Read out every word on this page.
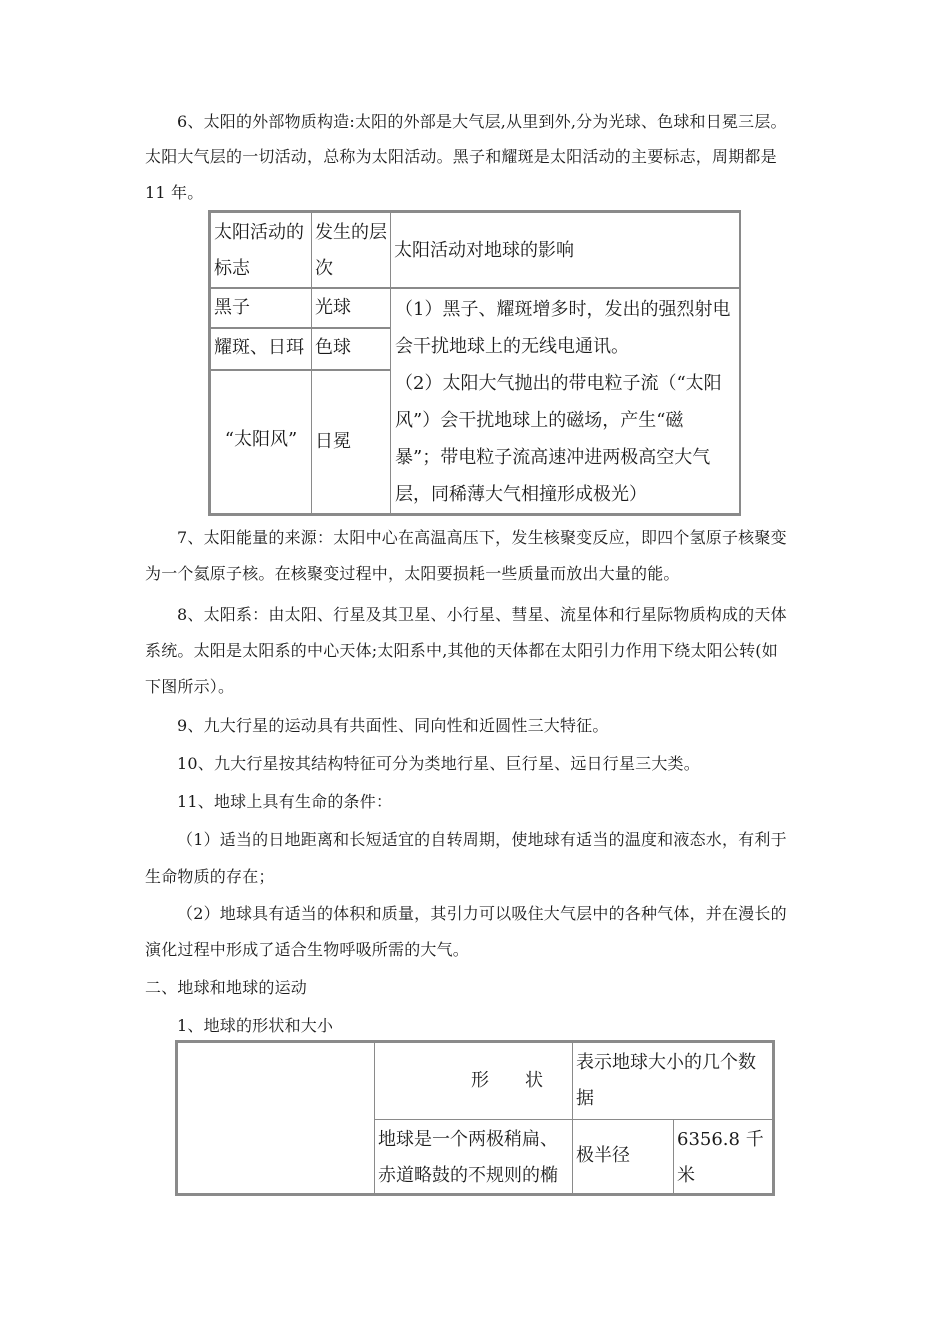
6、太阳的外部物质构造:太阳的外部是大气层,从里到外,分为光球、色球和日冕三层。
太阳大气层的一切活动，总称为太阳活动。黑子和耀斑是太阳活动的主要标志，周期都是
11 年。
太阳活动的
标志
发生的层
次
太阳活动对地球的影响
黑子	光球
耀斑、日珥 色球
“太阳风” 日冕
（1）黑子、耀斑增多时，发出的强烈射电
会干扰地球上的无线电通讯。
（2）太阳大气抛出的带电粒子流（“太阳
风”）会干扰地球上的磁场，产生“磁
暴”；带电粒子流高速冲进两极高空大气
层，同稀薄大气相撞形成极光）
7、太阳能量的来源：太阳中心在高温高压下，发生核聚变反应，即四个氢原子核聚变
为一个氦原子核。在核聚变过程中，太阳要损耗一些质量而放出大量的能。
8、太阳系：由太阳、行星及其卫星、小行星、彗星、流星体和行星际物质构成的天体
系统。太阳是太阳系的中心天体;太阳系中,其他的天体都在太阳引力作用下绕太阳公转(如
下图所示）。
9、九大行星的运动具有共面性、同向性和近圆性三大特征。
10、九大行星按其结构特征可分为类地行星、巨行星、远日行星三大类。
11、地球上具有生命的条件：
（1）适当的日地距离和长短适宜的自转周期，使地球有适当的温度和液态水，有利于
生命物质的存在；
（2）地球具有适当的体积和质量，其引力可以吸住大气层中的各种气体，并在漫长的
演化过程中形成了适合生物呼吸所需的大气。
二、地球和地球的运动
1、地球的形状和大小
形　　状
表示地球大小的几个数
据
地球是一个两极稍扁、
赤道略鼓的不规则的椭
极半径
6356.8 千
米
